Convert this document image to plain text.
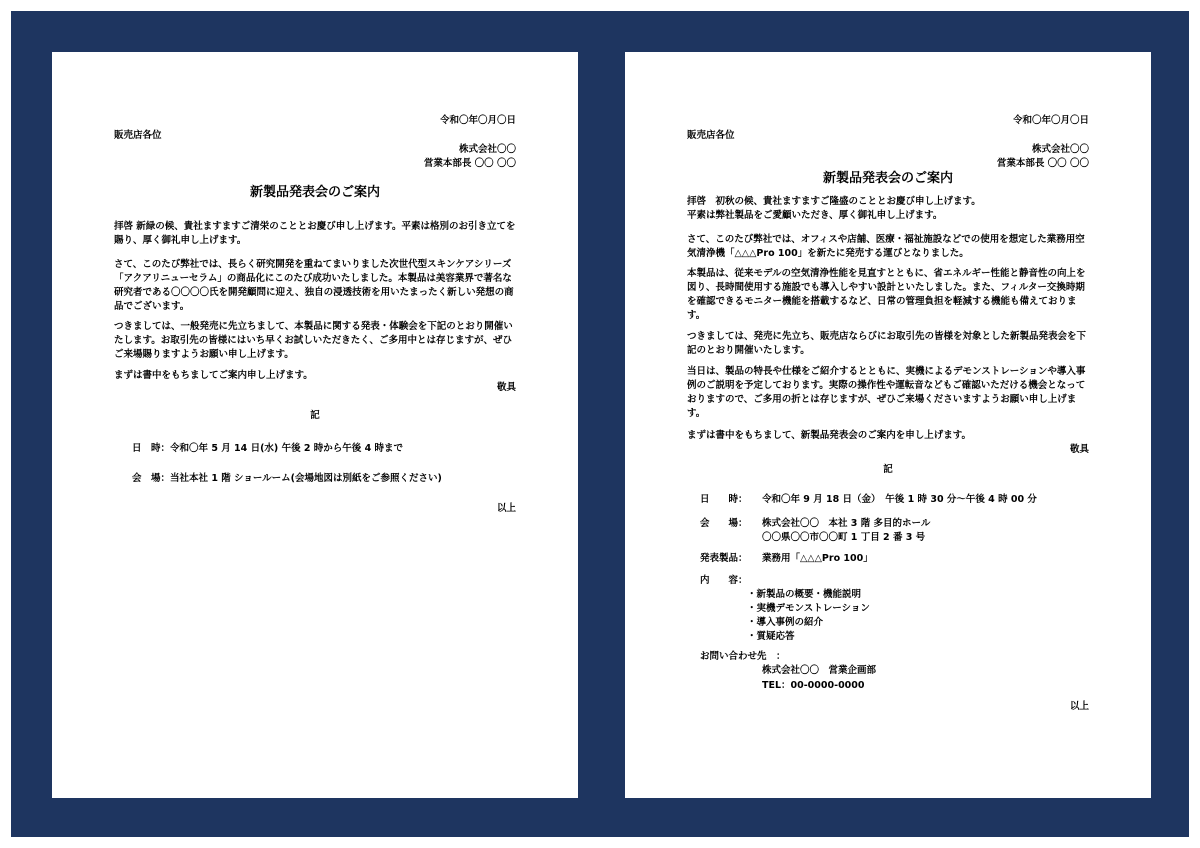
令和〇年〇月〇日
販売店各位
株式会社〇〇
営業本部長 〇〇 〇〇
新製品発表会のご案内
拝啓 新緑の候、貴社ますますご清栄のこととお慶び申し上げます。平素は格別のお引き立てを賜り、厚く御礼申し上げます。
さて、このたび弊社では、長らく研究開発を重ねてまいりました次世代型スキンケアシリーズ「アクアリニューセラム」の商品化にこのたび成功いたしました。本製品は美容業界で著名な研究者である〇〇〇〇氏を開発顧問に迎え、独自の浸透技術を用いたまったく新しい発想の商品でございます。
つきましては、一般発売に先立ちまして、本製品に関する発表・体験会を下記のとおり開催いたします。お取引先の皆様にはいち早くお試しいただきたく、ご多用中とは存じますが、ぜひご来場賜りますようお願い申し上げます。
まずは書中をもちましてご案内申し上げます。
敬具
記
日　時：令和〇年 5 月 14 日(水) 午後 2 時から午後 4 時まで
会　場：当社本社 1 階 ショールーム(会場地図は別紙をご参照ください)
以上
令和〇年〇月〇日
販売店各位
株式会社〇〇
営業本部長 〇〇 〇〇
新製品発表会のご案内
拝啓　初秋の候、貴社ますますご隆盛のこととお慶び申し上げます。
平素は弊社製品をご愛顧いただき、厚く御礼申し上げます。
さて、このたび弊社では、オフィスや店舗、医療・福祉施設などでの使用を想定した業務用空気清浄機「△△△Pro 100」を新たに発売する運びとなりました。
本製品は、従来モデルの空気清浄性能を見直すとともに、省エネルギー性能と静音性の向上を図り、長時間使用する施設でも導入しやすい設計といたしました。また、フィルター交換時期を確認できるモニター機能を搭載するなど、日常の管理負担を軽減する機能も備えております。
つきましては、発売に先立ち、販売店ならびにお取引先の皆様を対象とした新製品発表会を下記のとおり開催いたします。
当日は、製品の特長や仕様をご紹介するとともに、実機によるデモンストレーションや導入事例のご説明を予定しております。実際の操作性や運転音などもご確認いただける機会となっておりますので、ご多用の折とは存じますが、ぜひご来場くださいますようお願い申し上げます。
まずは書中をもちまして、新製品発表会のご案内を申し上げます。
敬具
記
日　　時： 令和〇年 9 月 18 日（金）　午後 1 時 30 分～午後 4 時 00 分
会　　場： 株式会社〇〇　本社 3 階 多目的ホール
〇〇県〇〇市〇〇町 1 丁目 2 番 3 号
発表製品： 業務用「△△△Pro 100」
内　　容：
・ 新製品の概要・機能説明
・ 実機デモンストレーション
・ 導入事例の紹介
・ 質疑応答
お問い合わせ先　：
株式会社〇〇　営業企画部
TEL：00-0000-0000
以上
